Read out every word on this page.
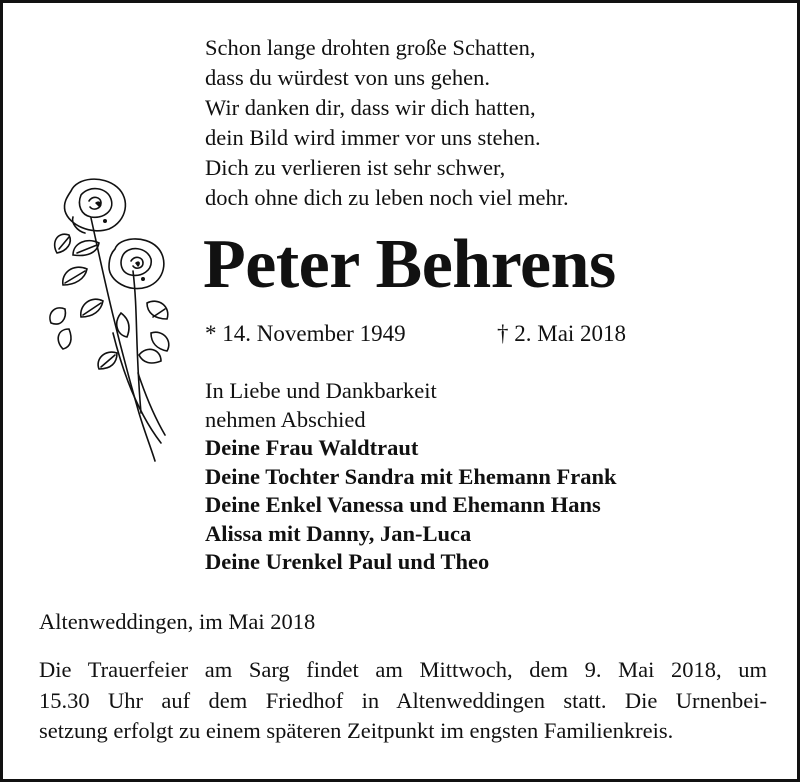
Schon lange drohten große Schatten,
dass du würdest von uns gehen.
Wir danken dir, dass wir dich hatten,
dein Bild wird immer vor uns stehen.
Dich zu verlieren ist sehr schwer,
doch ohne dich zu leben noch viel mehr.
Peter Behrens
* 14. November 1949	† 2. Mai 2018
In Liebe und Dankbarkeit
nehmen Abschied
Deine Frau Waldtraut
Deine Tochter Sandra mit Ehemann Frank
Deine Enkel Vanessa und Ehemann Hans
Alissa mit Danny, Jan-Luca
Deine Urenkel Paul und Theo
Altenweddingen, im Mai 2018
Die Trauerfeier am Sarg findet am Mittwoch, dem 9. Mai 2018, um
15.30 Uhr auf dem Friedhof in Altenweddingen statt. Die Urnenbei-
setzung erfolgt zu einem späteren Zeitpunkt im engsten Familienkreis.
